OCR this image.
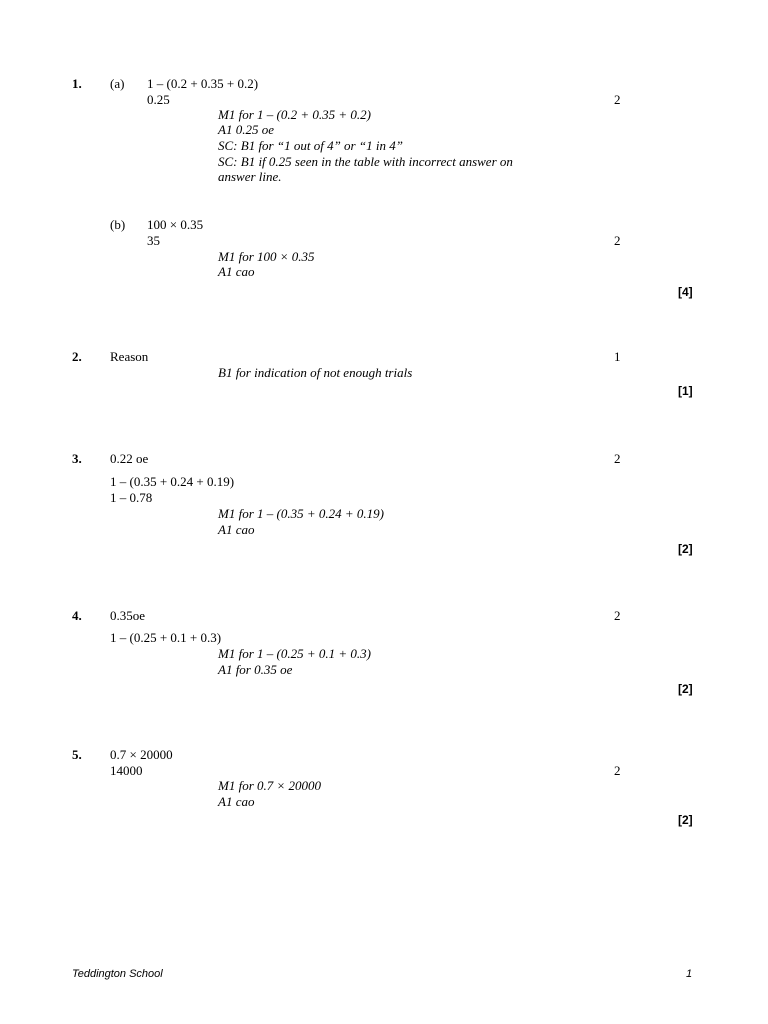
1. (a) 1 – (0.2 + 0.35 + 0.2)
0.25	2
M1 for 1 – (0.2 + 0.35 + 0.2)
A1 0.25 oe
SC: B1 for “1 out of 4” or “1 in 4”
SC: B1 if 0.25 seen in the table with incorrect answer on
answer line.
(b) 100 × 0.35
35	2
M1 for 100 × 0.35
A1 cao
[4]
2. Reason	1
B1 for indication of not enough trials
[1]
3. 0.22 oe	2
1 – (0.35 + 0.24 + 0.19)
1 – 0.78
M1 for 1 – (0.35 + 0.24 + 0.19)
A1 cao
[2]
4. 0.35oe	2
1 – (0.25 + 0.1 + 0.3)
M1 for 1 – (0.25 + 0.1 + 0.3)
A1 for 0.35 oe
[2]
5. 0.7 × 20000
14000	2
M1 for 0.7 × 20000
A1 cao
[2]
Teddington School	1
